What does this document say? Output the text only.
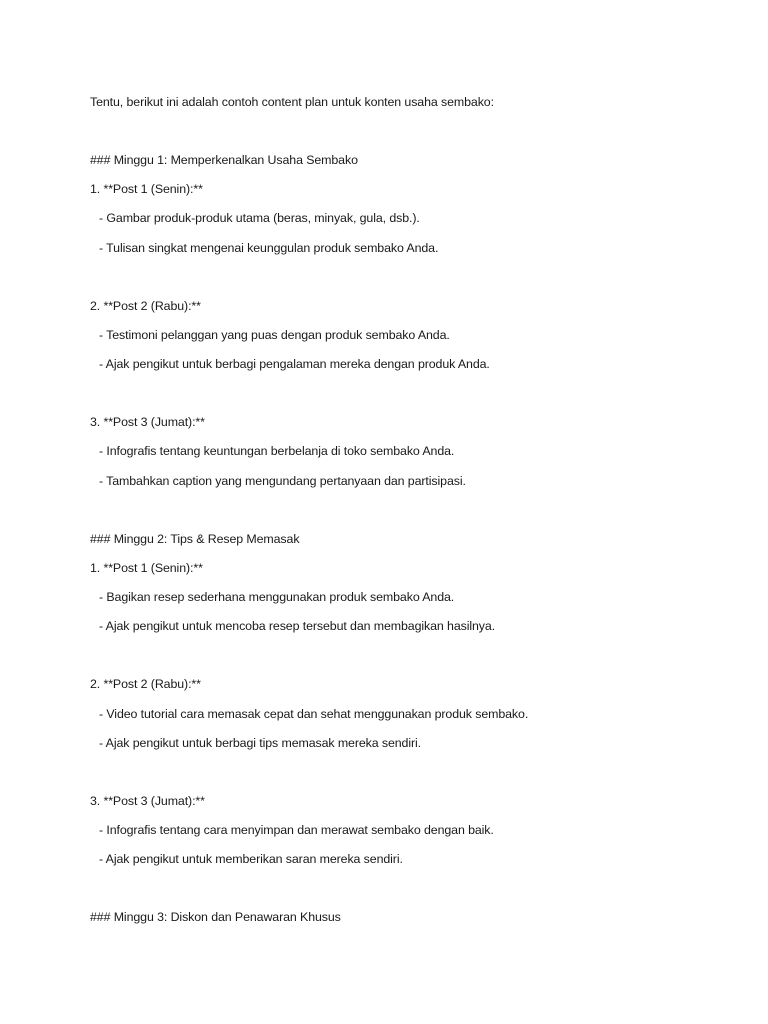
Tentu, berikut ini adalah contoh content plan untuk konten usaha sembako:
### Minggu 1: Memperkenalkan Usaha Sembako
1. **Post 1 (Senin):**
- Gambar produk-produk utama (beras, minyak, gula, dsb.).
- Tulisan singkat mengenai keunggulan produk sembako Anda.
2. **Post 2 (Rabu):**
- Testimoni pelanggan yang puas dengan produk sembako Anda.
- Ajak pengikut untuk berbagi pengalaman mereka dengan produk Anda.
3. **Post 3 (Jumat):**
- Infografis tentang keuntungan berbelanja di toko sembako Anda.
- Tambahkan caption yang mengundang pertanyaan dan partisipasi.
### Minggu 2: Tips & Resep Memasak
1. **Post 1 (Senin):**
- Bagikan resep sederhana menggunakan produk sembako Anda.
- Ajak pengikut untuk mencoba resep tersebut dan membagikan hasilnya.
2. **Post 2 (Rabu):**
- Video tutorial cara memasak cepat dan sehat menggunakan produk sembako.
- Ajak pengikut untuk berbagi tips memasak mereka sendiri.
3. **Post 3 (Jumat):**
- Infografis tentang cara menyimpan dan merawat sembako dengan baik.
- Ajak pengikut untuk memberikan saran mereka sendiri.
### Minggu 3: Diskon dan Penawaran Khusus
